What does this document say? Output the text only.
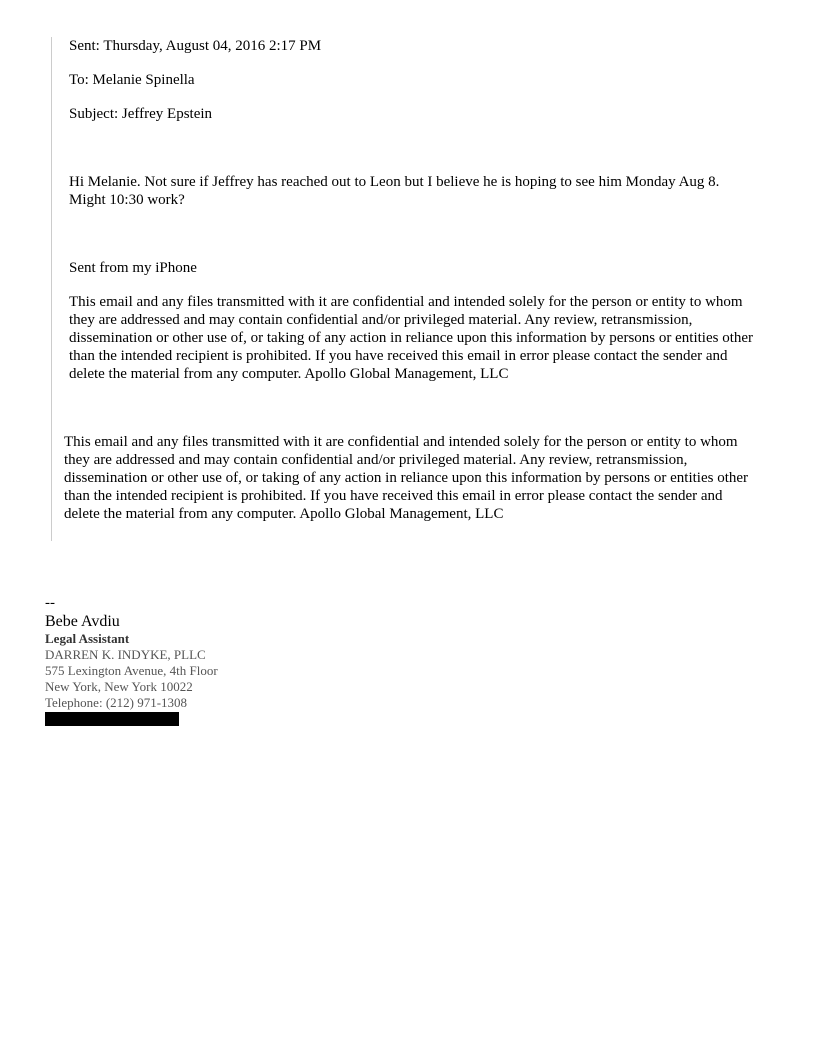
Sent: Thursday, August 04, 2016 2:17 PM

To: Melanie Spinella

Subject: Jeffrey Epstein

Hi Melanie. Not sure if Jeffrey has reached out to Leon but I believe he is hoping to see him Monday Aug 8. Might 10:30 work?

Sent from my iPhone

This email and any files transmitted with it are confidential and intended solely for the person or entity to whom they are addressed and may contain confidential and/or privileged material. Any review, retransmission, dissemination or other use of, or taking of any action in reliance upon this information by persons or entities other than the intended recipient is prohibited. If you have received this email in error please contact the sender and delete the material from any computer. Apollo Global Management, LLC

This email and any files transmitted with it are confidential and intended solely for the person or entity to whom they are addressed and may contain confidential and/or privileged material. Any review, retransmission, dissemination or other use of, or taking of any action in reliance upon this information by persons or entities other than the intended recipient is prohibited. If you have received this email in error please contact the sender and delete the material from any computer. Apollo Global Management, LLC

--

Bebe Avdiu

Legal Assistant

DARREN K. INDYKE, PLLC

575 Lexington Avenue, 4th Floor

New York, New York 10022

Telephone: (212) 971-1308
